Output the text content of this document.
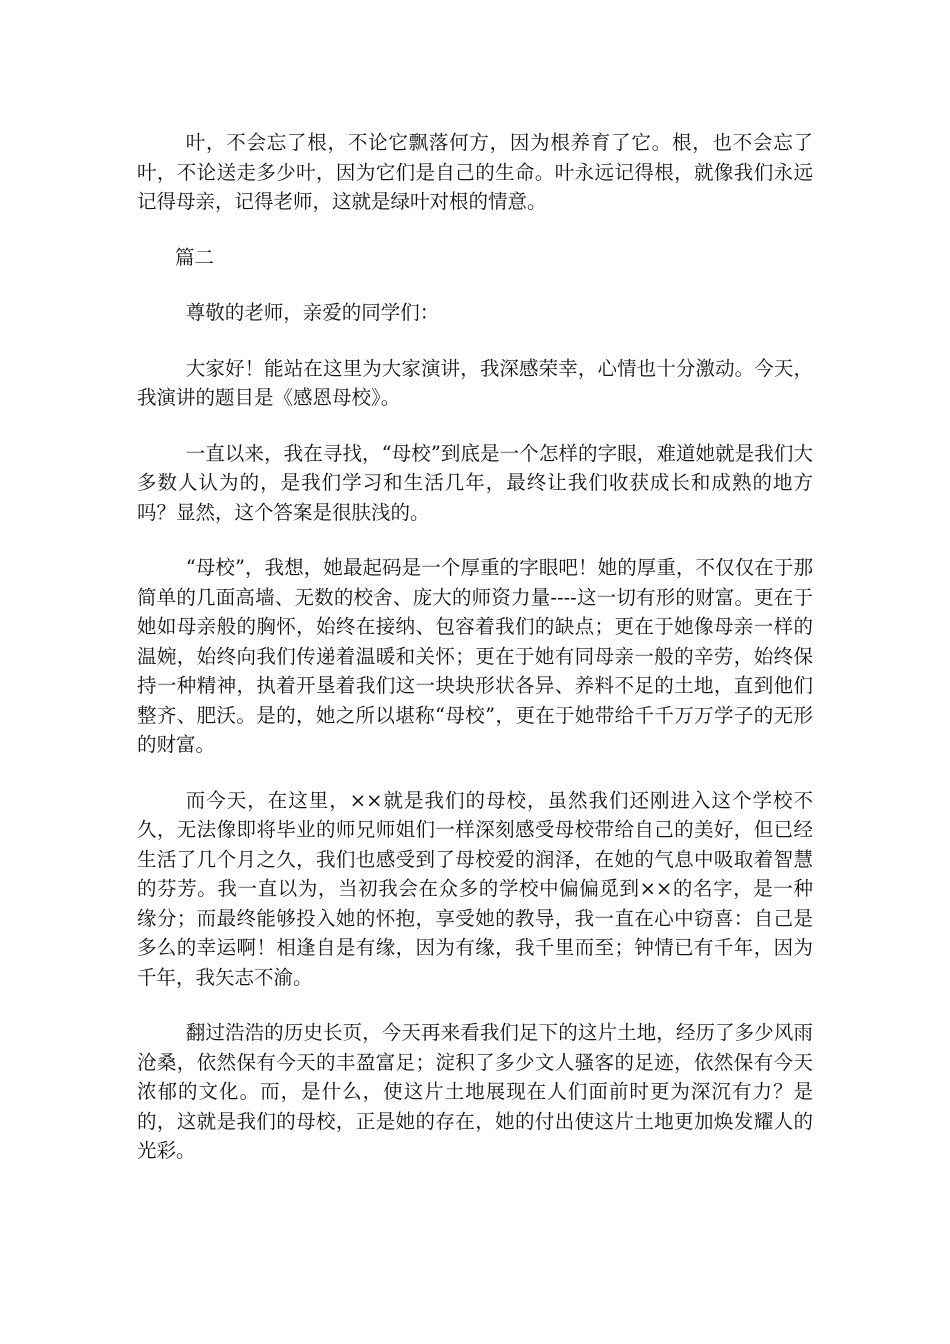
叶，不会忘了根，不论它飘落何方，因为根养育了它。根，也不会忘了叶，不论送走多少叶，因为它们是自己的生命。叶永远记得根，就像我们永远记得母亲，记得老师，这就是绿叶对根的情意。

篇二

尊敬的老师，亲爱的同学们：

大家好！能站在这里为大家演讲，我深感荣幸，心情也十分激动。今天，我演讲的题目是《感恩母校》。

一直以来，我在寻找，“母校”到底是一个怎样的字眼，难道她就是我们大多数人认为的，是我们学习和生活几年，最终让我们收获成长和成熟的地方吗？显然，这个答案是很肤浅的。

“母校”，我想，她最起码是一个厚重的字眼吧！她的厚重，不仅仅在于那简单的几面高墙、无数的校舍、庞大的师资力量----这一切有形的财富。更在于她如母亲般的胸怀，始终在接纳、包容着我们的缺点；更在于她像母亲一样的温婉，始终向我们传递着温暖和关怀；更在于她有同母亲一般的辛劳，始终保持一种精神，执着开垦着我们这一块块形状各异、养料不足的土地，直到他们整齐、肥沃。是的，她之所以堪称“母校”，更在于她带给千千万万学子的无形的财富。

而今天，在这里，××就是我们的母校，虽然我们还刚进入这个学校不久，无法像即将毕业的师兄师姐们一样深刻感受母校带给自己的美好，但已经生活了几个月之久，我们也感受到了母校爱的润泽，在她的气息中吸取着智慧的芬芳。我一直以为，当初我会在众多的学校中偏偏觅到××的名字，是一种缘分；而最终能够投入她的怀抱，享受她的教导，我一直在心中窃喜：自己是多么的幸运啊！相逢自是有缘，因为有缘，我千里而至；钟情已有千年，因为千年，我矢志不渝。

翻过浩浩的历史长页，今天再来看我们足下的这片土地，经历了多少风雨沧桑，依然保有今天的丰盈富足；淀积了多少文人骚客的足迹，依然保有今天浓郁的文化。而，是什么，使这片土地展现在人们面前时更为深沉有力？是的，这就是我们的母校，正是她的存在，她的付出使这片土地更加焕发耀人的光彩。
